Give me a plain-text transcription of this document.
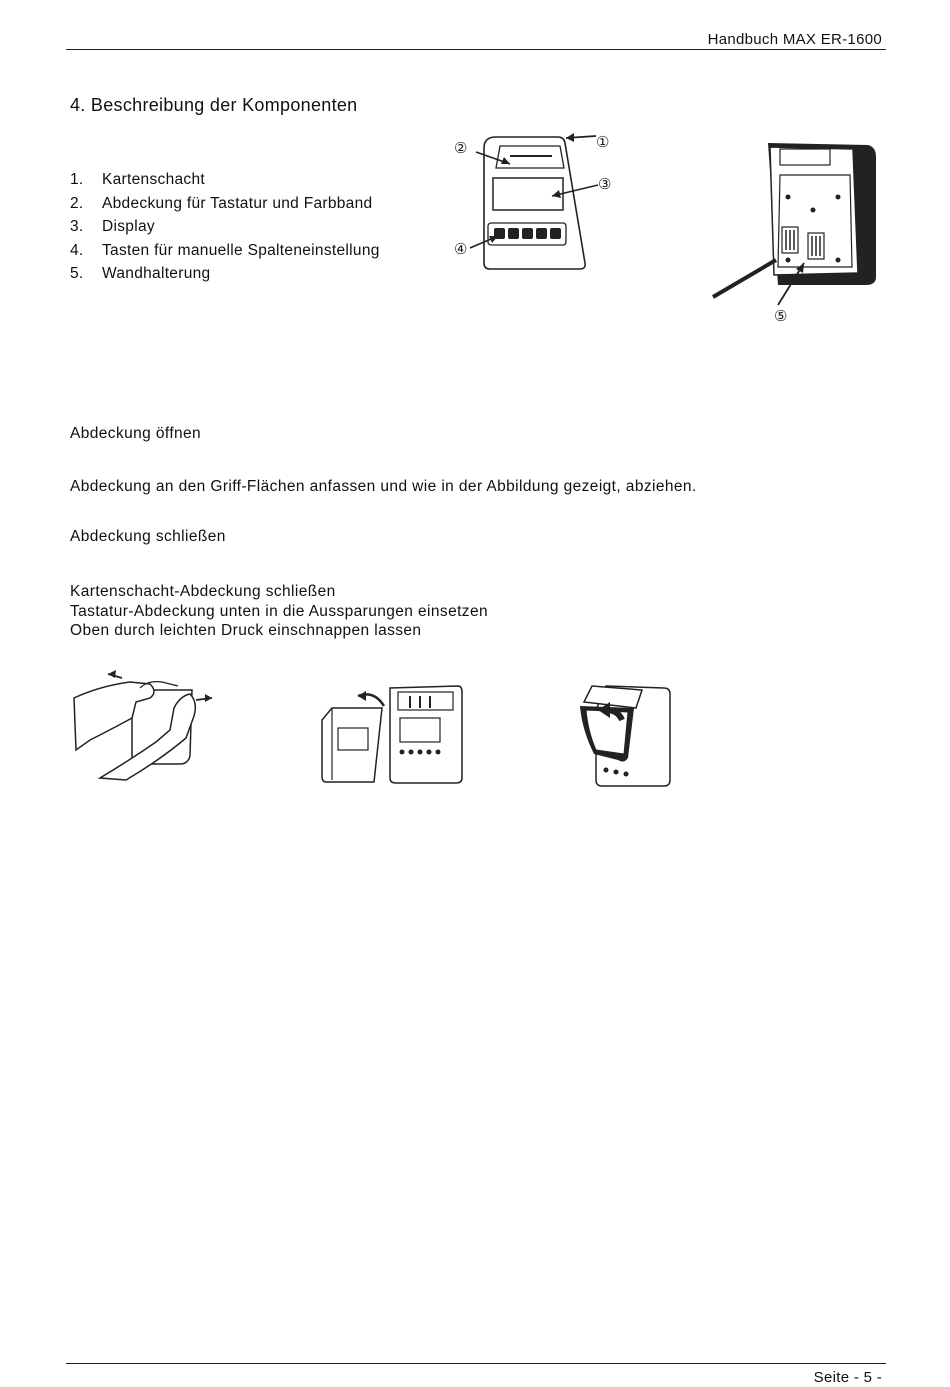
Handbuch MAX ER-1600
4. Beschreibung der Komponenten
1.	Kartenschacht
2.	Abdeckung für Tastatur und Farbband
3.	Display
4.	Tasten für manuelle Spalteneinstellung
5.	Wandhalterung
①
②
③
④
⑤
Abdeckung öffnen
Abdeckung an den Griff-Flächen anfassen und wie in der Abbildung gezeigt, abziehen.
Abdeckung schließen
Kartenschacht-Abdeckung schließen
Tastatur-Abdeckung unten in die Aussparungen einsetzen
Oben durch leichten Druck einschnappen lassen
Seite - 5 -
